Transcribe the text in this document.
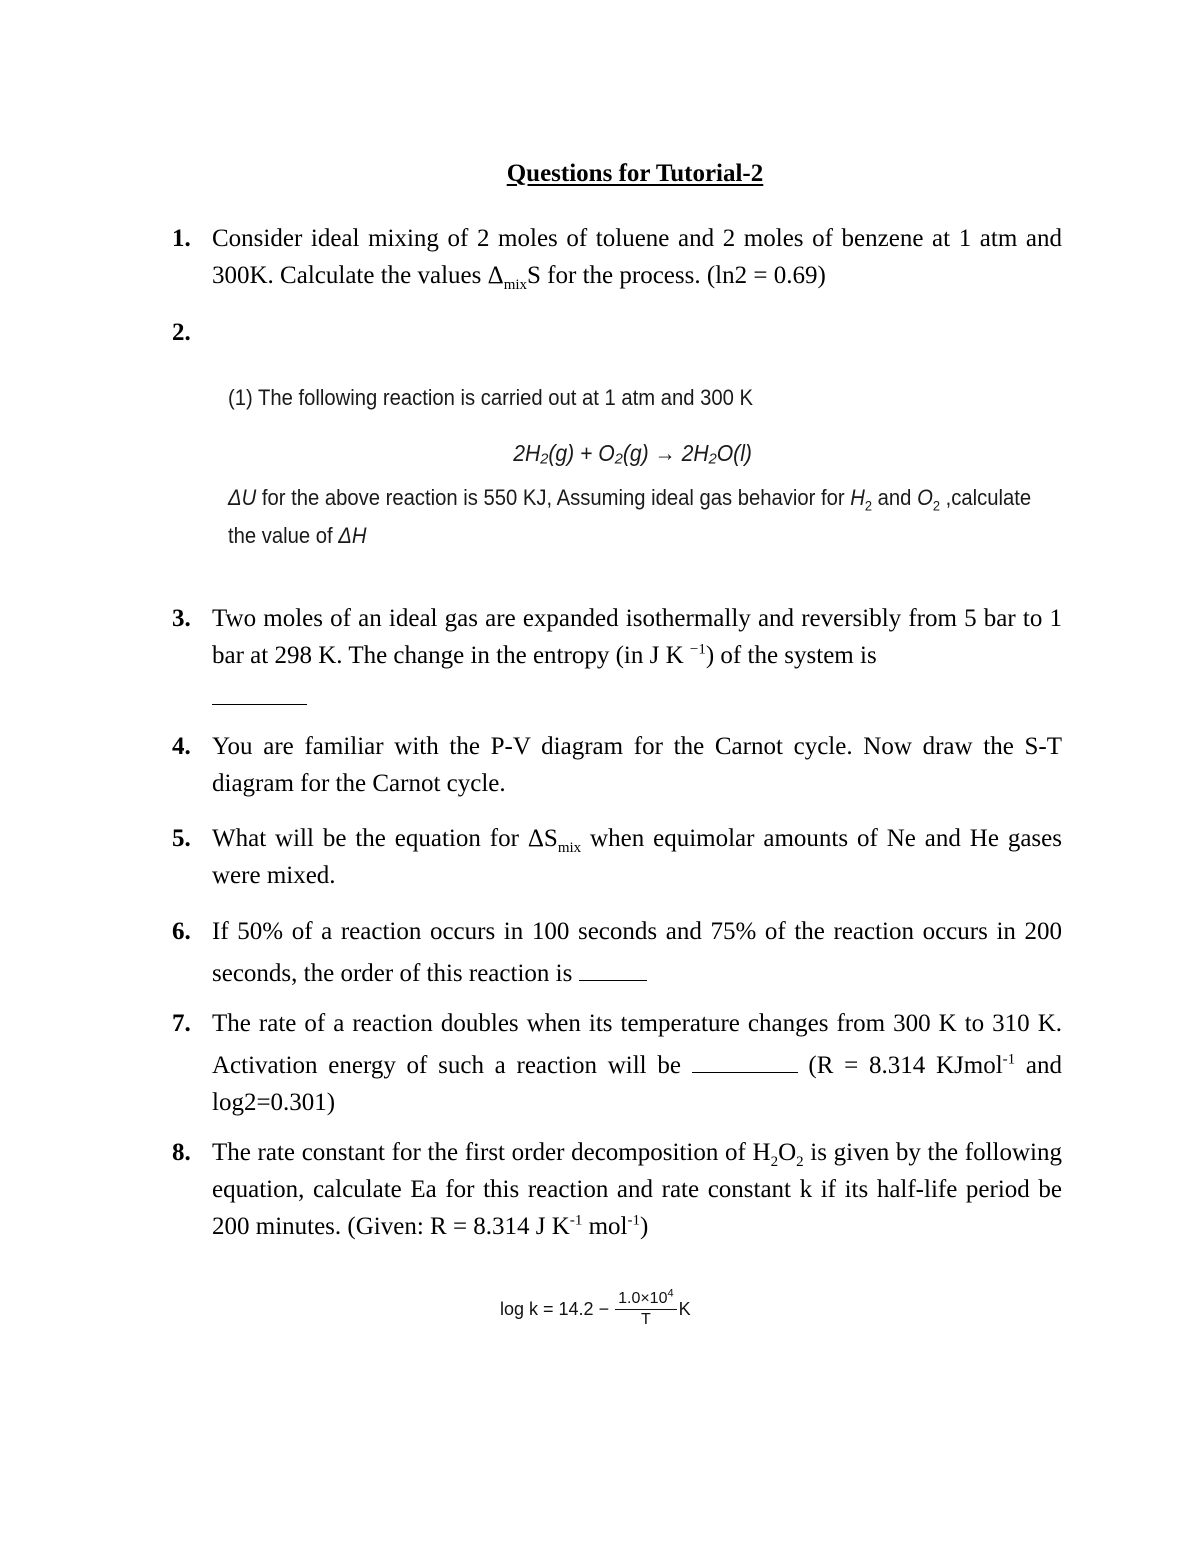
Questions for Tutorial-2
1. Consider ideal mixing of 2 moles of toluene and 2 moles of benzene at 1 atm and 300K. Calculate the values $\Delta_{mix}S$ for the process. (ln2 = 0.69)
2.
(1) The following reaction is carried out at 1 atm and 300 K
2H₂(g) + O₂(g) → 2H₂O(l)
ΔU for the above reaction is 550 KJ, Assuming ideal gas behavior for $H_2$ and $O_2$ ,calculate
the value of ΔH
3. Two moles of an ideal gas are expanded isothermally and reversibly from 5 bar to 1 bar at 298 K. The change in the entropy (in J K $^{-1}$) of the system is

4. You are familiar with the P-V diagram for the Carnot cycle. Now draw the S-T diagram for the Carnot cycle.
5. What will be the equation for $\Delta S_{mix}$ when equimolar amounts of Ne and He gases were mixed.
6. If 50% of a reaction occurs in 100 seconds and 75% of the reaction occurs in 200 seconds, the order of this reaction is
7. The rate of a reaction doubles when its temperature changes from 300 K to 310 K. Activation energy of such a reaction will be	(R = 8.314 KJmol$^{-1}$ and log2=0.301)
8. The rate constant for the first order decomposition of $H_2O_2$ is given by the following equation, calculate Ea for this reaction and rate constant k if its half-life period be 200 minutes. (Given: R = 8.314 J $K^{-1}$ mol$^{-1}$)
$\log k = 14.2 - \frac{1.0\times 10^4}{T}$ K
